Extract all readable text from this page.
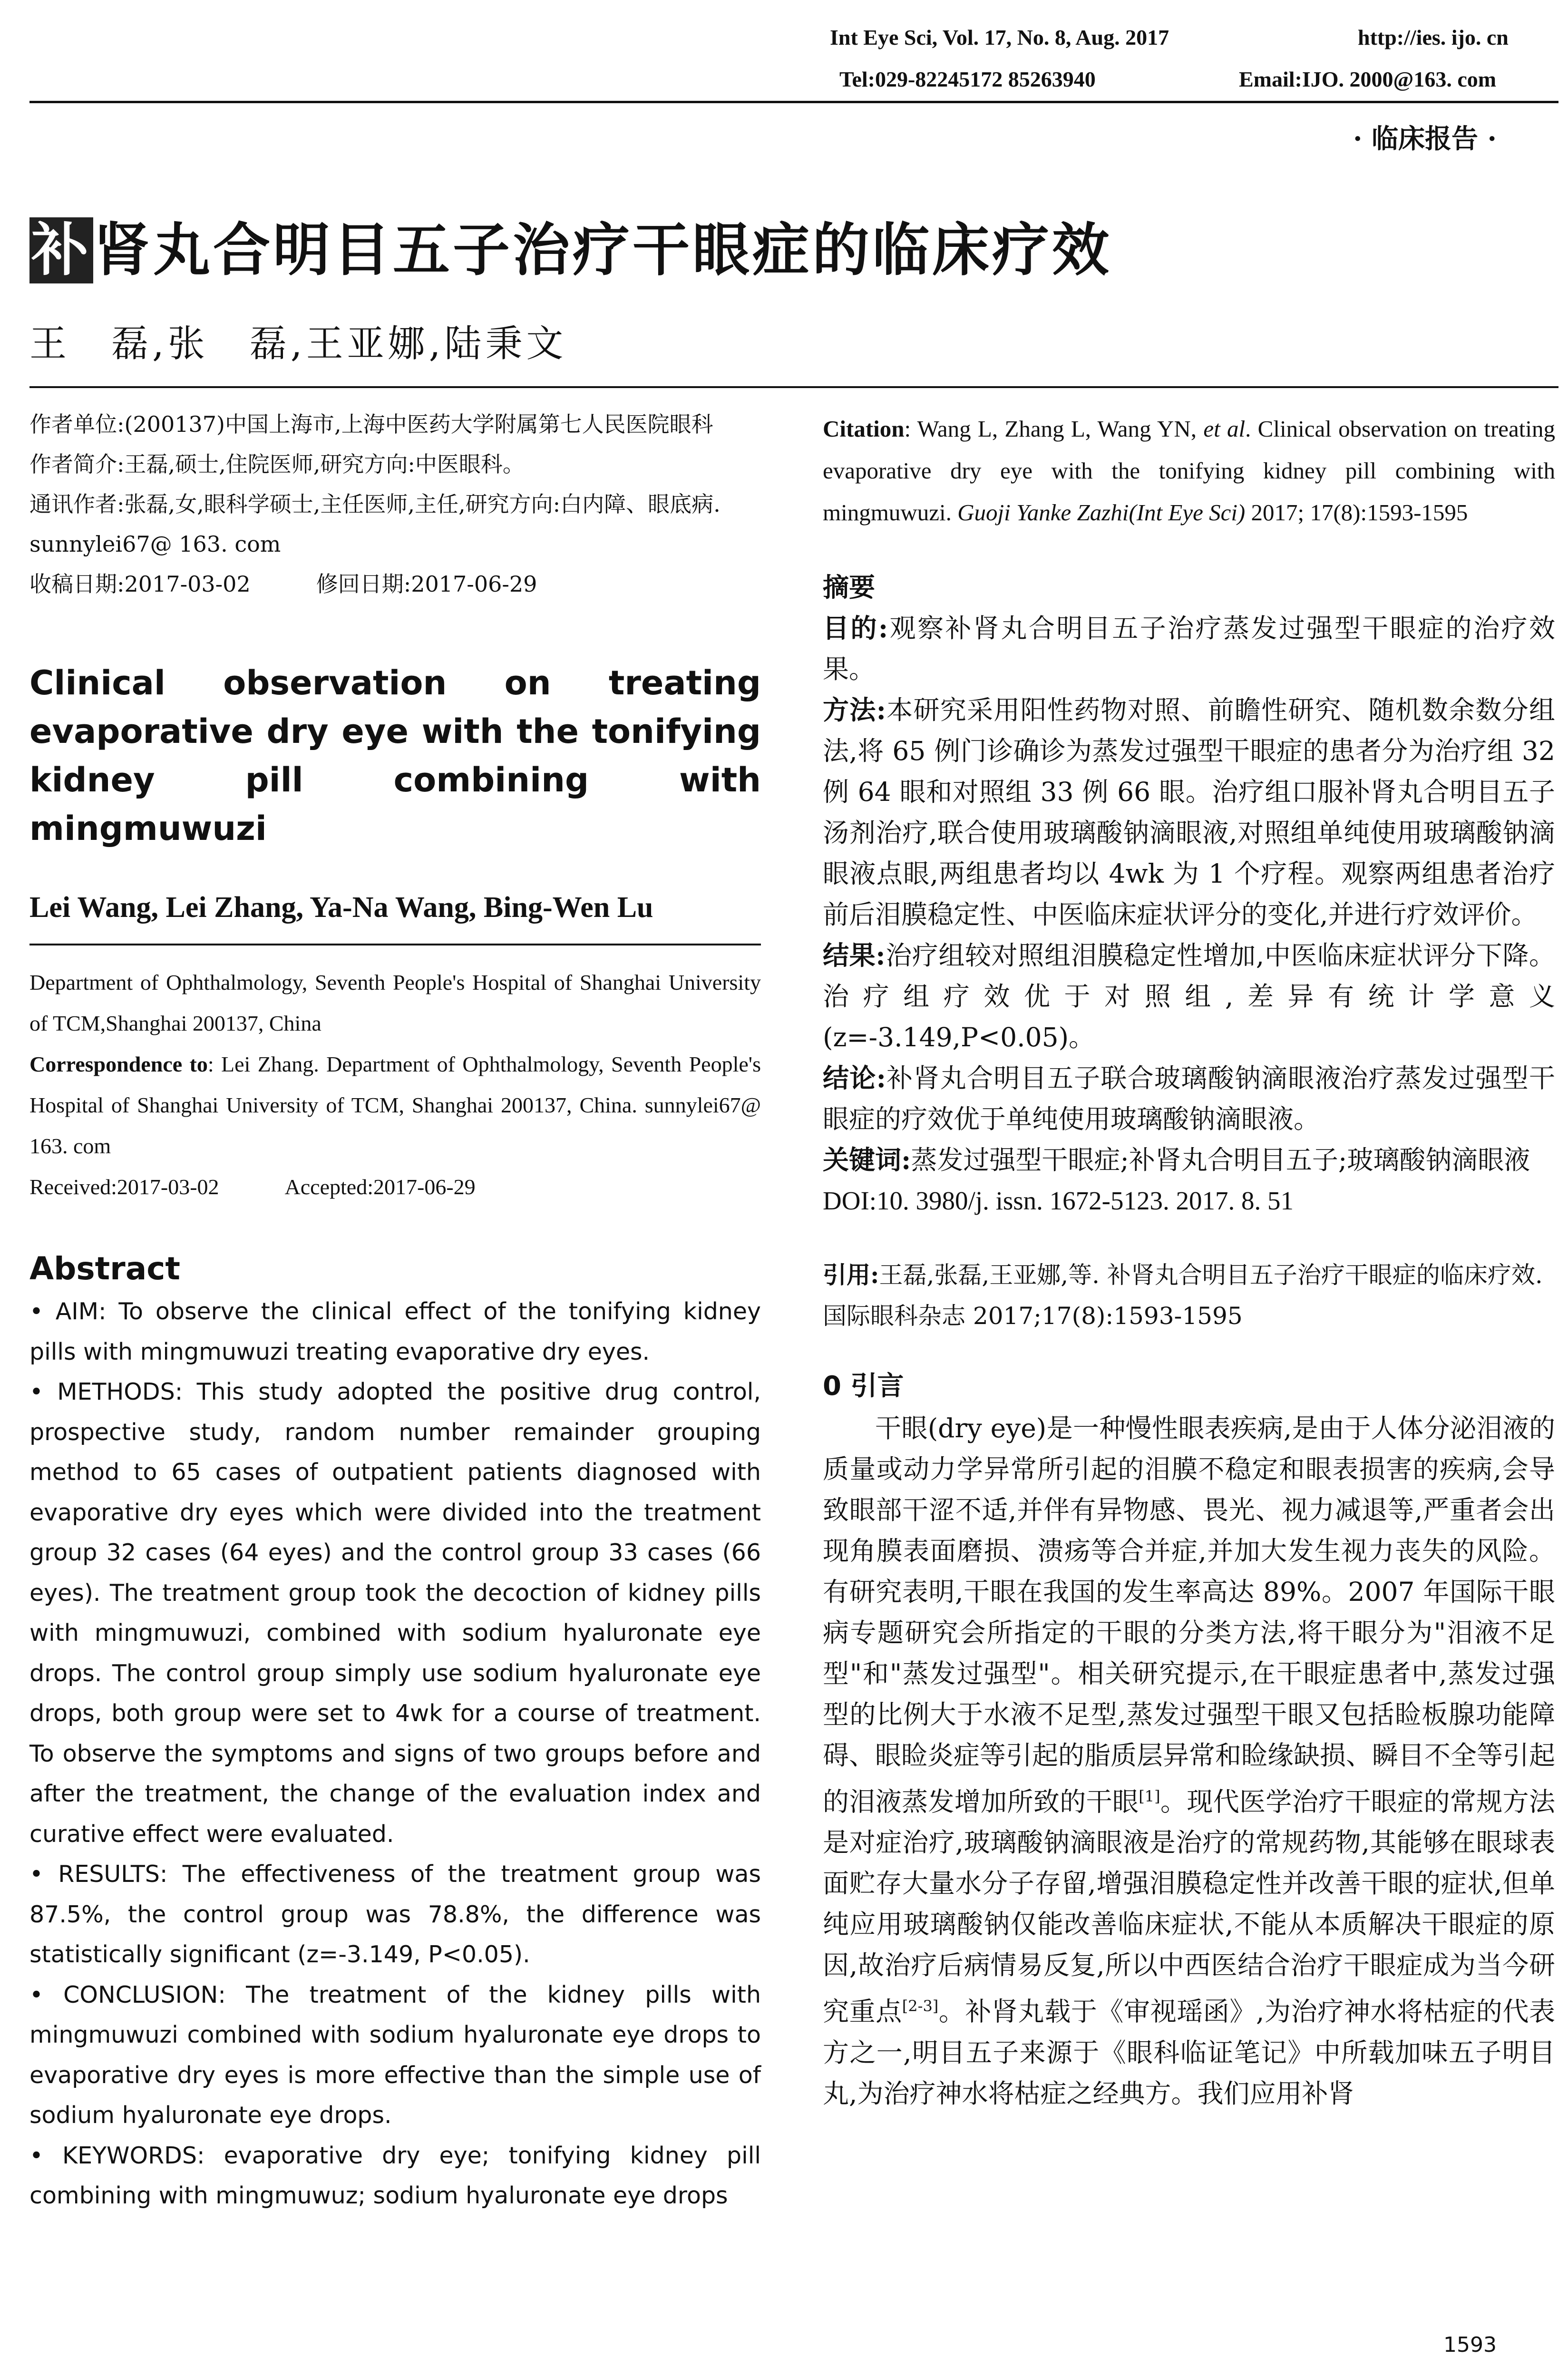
Int Eye Sci, Vol. 17, No. 8, Aug. 2017	http://ies. ijo. cn
Tel:029-82245172 85263940	Email:IJO. 2000@163. com
· 临床报告 ·
补肾丸合明目五子治疗干眼症的临床疗效
王　磊,张　磊,王亚娜,陆秉文

作者单位:(200137)中国上海市,上海中医药大学附属第七人民医院眼科

作者简介:王磊,硕士,住院医师,研究方向:中医眼科。

通讯作者:张磊,女,眼科学硕士,主任医师,主任,研究方向:白内障、眼底病. sunnylei67@ 163. com

收稿日期:2017-03-02　　　	修回日期:2017-06-29

Clinical observation on treating evaporative dry eye with the tonifying kidney pill combining with mingmuwuzi
Lei Wang, Lei Zhang, Ya-Na Wang, Bing-Wen Lu

Department of Ophthalmology, Seventh People's Hospital of Shanghai University of TCM,Shanghai 200137, China

Correspondence to: Lei Zhang. Department of Ophthalmology, Seventh People's Hospital of Shanghai University of TCM, Shanghai 200137, China. sunnylei67@ 163. com

Received:2017-03-02　　　	Accepted:2017-06-29

Abstract

• AIM: To observe the clinical effect of the tonifying kidney pills with mingmuwuzi treating evaporative dry eyes.

• METHODS: This study adopted the positive drug control, prospective study, random number remainder grouping method to 65 cases of outpatient patients diagnosed with evaporative dry eyes which were divided into the treatment group 32 cases (64 eyes) and the control group 33 cases (66 eyes). The treatment group took the decoction of kidney pills with mingmuwuzi, combined with sodium hyaluronate eye drops. The control group simply use sodium hyaluronate eye drops, both group were set to 4wk for a course of treatment. To observe the symptoms and signs of two groups before and after the treatment, the change of the evaluation index and curative effect were evaluated.

• RESULTS: The effectiveness of the treatment group was 87.5%, the control group was 78.8%, the difference was statistically significant (z=-3.149, P<0.05).

• CONCLUSION: The treatment of the kidney pills with mingmuwuzi combined with sodium hyaluronate eye drops to evaporative dry eyes is more effective than the simple use of sodium hyaluronate eye drops.

• KEYWORDS: evaporative dry eye; tonifying kidney pill combining with mingmuwuz; sodium hyaluronate eye drops

Citation: Wang L, Zhang L, Wang YN, et al. Clinical observation on treating evaporative dry eye with the tonifying kidney pill combining with mingmuwuzi. Guoji Yanke Zazhi(Int Eye Sci) 2017; 17(8):1593-1595

摘要

目的:观察补肾丸合明目五子治疗蒸发过强型干眼症的治疗效果。

方法:本研究采用阳性药物对照、前瞻性研究、随机数余数分组法,将 65 例门诊确诊为蒸发过强型干眼症的患者分为治疗组 32 例 64 眼和对照组 33 例 66 眼。治疗组口服补肾丸合明目五子汤剂治疗,联合使用玻璃酸钠滴眼液,对照组单纯使用玻璃酸钠滴眼液点眼,两组患者均以 4wk 为 1 个疗程。观察两组患者治疗前后泪膜稳定性、中医临床症状评分的变化,并进行疗效评价。

结果:治疗组较对照组泪膜稳定性增加,中医临床症状评分下降。治疗组疗效优于对照组,差异有统计学意义(z=-3.149,P<0.05)。

结论:补肾丸合明目五子联合玻璃酸钠滴眼液治疗蒸发过强型干眼症的疗效优于单纯使用玻璃酸钠滴眼液。

关键词:蒸发过强型干眼症;补肾丸合明目五子;玻璃酸钠滴眼液

DOI:10. 3980/j. issn. 1672-5123. 2017. 8. 51

引用:王磊,张磊,王亚娜,等. 补肾丸合明目五子治疗干眼症的临床疗效. 国际眼科杂志 2017;17(8):1593-1595
0 引言
干眼(dry eye)是一种慢性眼表疾病,是由于人体分泌泪液的质量或动力学异常所引起的泪膜不稳定和眼表损害的疾病,会导致眼部干涩不适,并伴有异物感、畏光、视力减退等,严重者会出现角膜表面磨损、溃疡等合并症,并加大发生视力丧失的风险。有研究表明,干眼在我国的发生率高达 89%。2007 年国际干眼病专题研究会所指定的干眼的分类方法,将干眼分为"泪液不足型"和"蒸发过强型"。相关研究提示,在干眼症患者中,蒸发过强型的比例大于水液不足型,蒸发过强型干眼又包括睑板腺功能障碍、眼睑炎症等引起的脂质层异常和睑缘缺损、瞬目不全等引起的泪液蒸发增加所致的干眼[1]。现代医学治疗干眼症的常规方法是对症治疗,玻璃酸钠滴眼液是治疗的常规药物,其能够在眼球表面贮存大量水分子存留,增强泪膜稳定性并改善干眼的症状,但单纯应用玻璃酸钠仅能改善临床症状,不能从本质解决干眼症的原因,故治疗后病情易反复,所以中西医结合治疗干眼症成为当今研究重点[2-3]。补肾丸载于《审视瑶函》,为治疗神水将枯症的代表方之一,明目五子来源于《眼科临证笔记》中所载加味五子明目丸,为治疗神水将枯症之经典方。我们应用补肾
1593
